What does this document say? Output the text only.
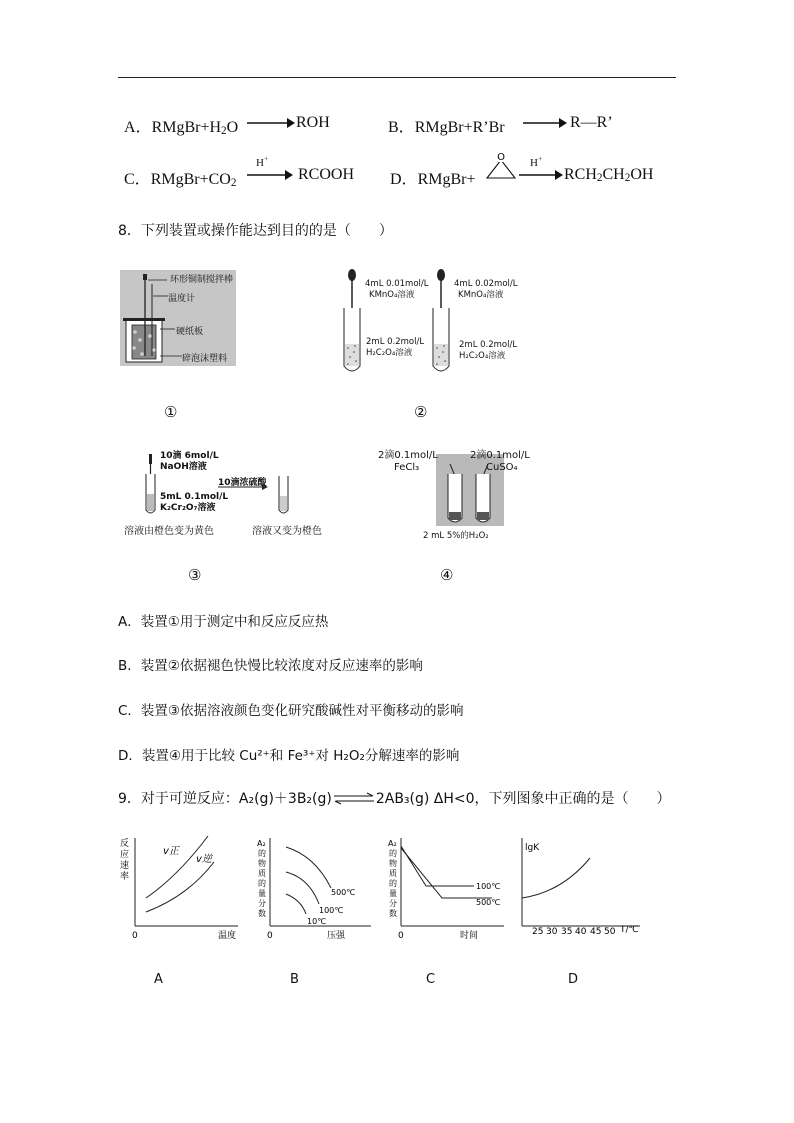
A．$RMgBr+H_2O$	ROH	B．RMgBr+R’Br	R—R’
C．$RMgBr+CO_2$
H+
RCOOH D．RMgBr+
O H+
$RCH_2CH_2OH$
8．下列装置或操作能达到目的的是（　　）
环形铜制搅拌棒
温度计
硬纸板
碎泡沫塑料
①
4mL 0.01mol/L
KMnO₄溶液
2mL 0.2mol/L
H₂C₂O₄溶液
4mL 0.02mol/L
KMnO₄溶液
2mL 0.2mol/L
H₂C₂O₄溶液
②
10滴 6mol/L
NaOH溶液
10滴浓硫酸
5mL 0.1mol/L
K₂Cr₂O₇溶液
溶液由橙色变为黄色	溶液又变为橙色
③
2滴0.1mol/L
FeCl₃
2滴0.1mol/L
CuSO₄
2 mL 5%的H₂O₂
④
A．装置①用于测定中和反应反应热
B．装置②依据褪色快慢比较浓度对反应速率的影响
C．装置③依据溶液颜色变化研究酸碱性对平衡移动的影响
D．装置④用于比较 Cu²⁺和 Fe³⁺对 H₂O₂分解速率的影响
9．对于可逆反应：A₂(g)＋3B₂(g)⇌2AB₃(g) ΔH<0，下列图象中正确的是（　　）
反
应
速
率
0	温度
v正
v逆
A
A₂
的
物
质
的
量
分
数
0	压强
500℃
100℃
10℃
B
A₂
的
物
质
的
量
分
数
0	时间
100℃
500℃
C
lgK
25 30 35 40 45 50 T/℃
D
